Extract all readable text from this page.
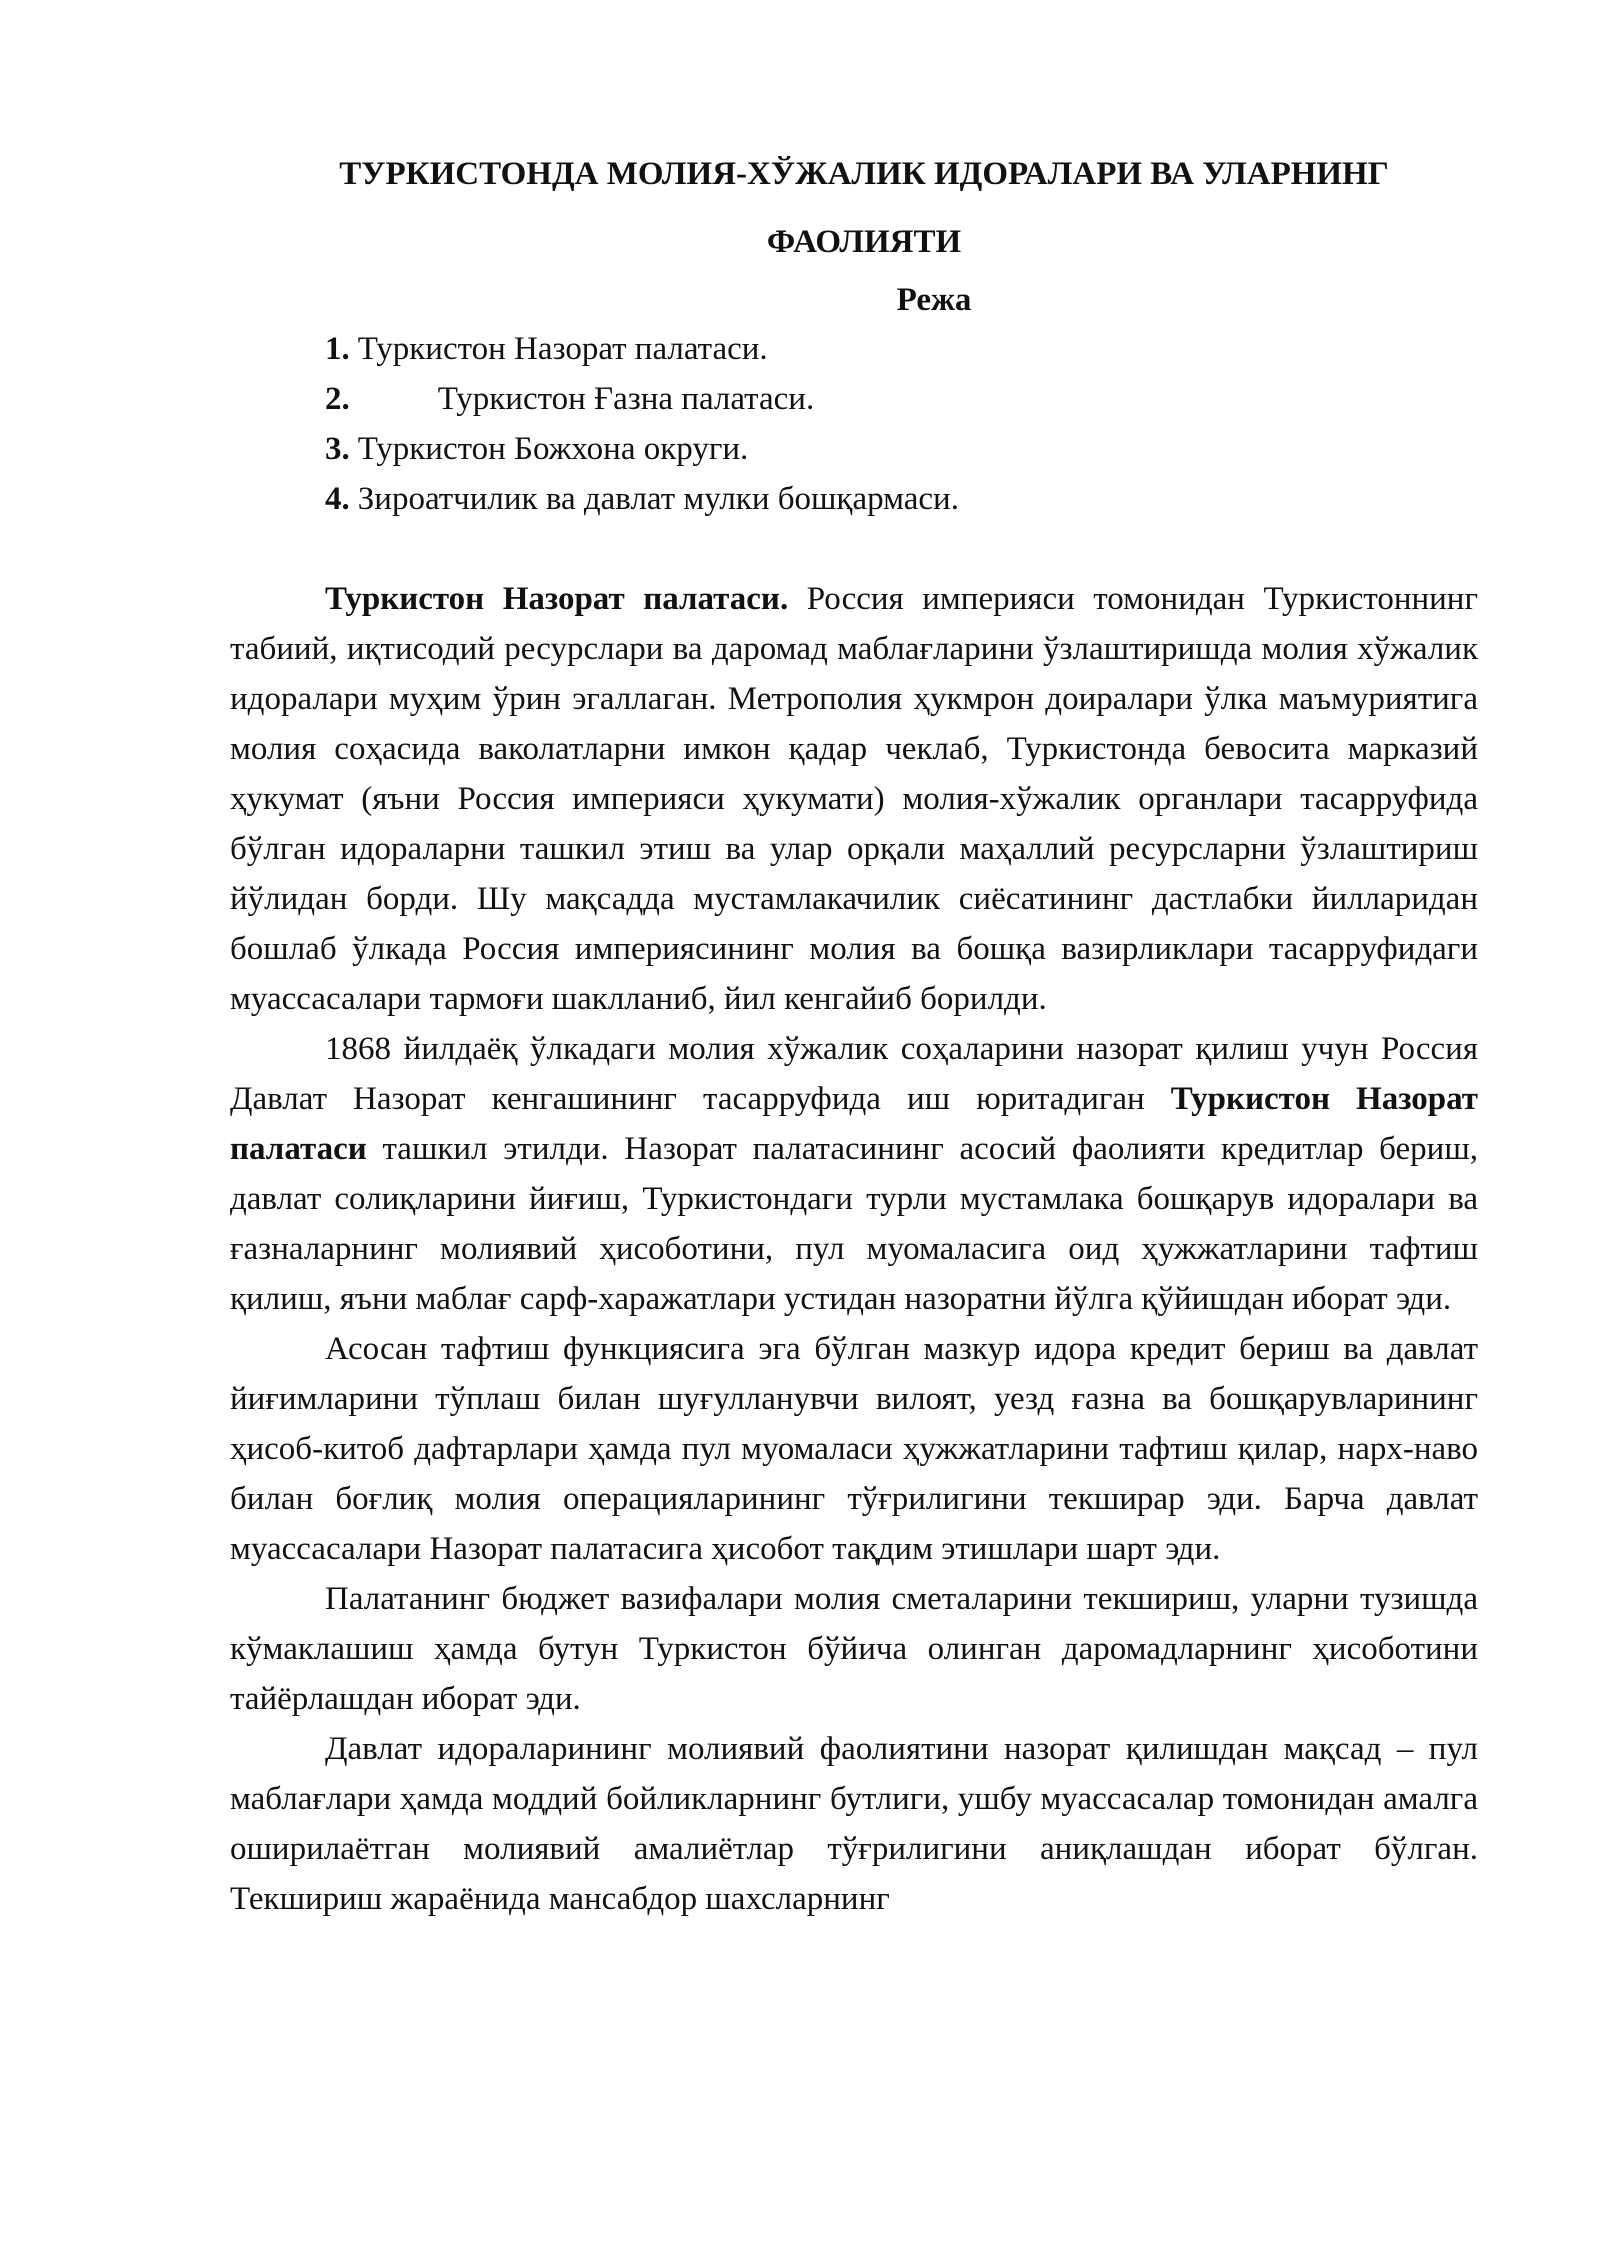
ТУРКИСТОНДА МОЛИЯ-ХЎЖАЛИК ИДОРАЛАРИ ВА УЛАРНИНГ
ФАОЛИЯТИ

Режа

1. Туркистон Назорат палатаси.
2.	Туркистон Ғазна палатаси.
3. Туркистон Божхона округи.
4. Зироатчилик ва давлат мулки бошқармаси.

Туркистон Назорат палатаси. Россия империяси томонидан Туркистоннинг табиий, иқтисодий ресурслари ва даромад маблағларини ўзлаштиришда молия хўжалик идоралари муҳим ўрин эгаллаган. Метрополия ҳукмрон доиралари ўлка маъмуриятига молия соҳасида ваколатларни имкон қадар чеклаб, Туркистонда бевосита марказий ҳукумат (яъни Россия империяси ҳукумати) молия-хўжалик органлари тасарруфида бўлган идораларни ташкил этиш ва улар орқали маҳаллий ресурсларни ўзлаштириш йўлидан борди. Шу мақсадда мустамлакачилик сиёсатининг дастлабки йилларидан бошлаб ўлкада Россия империясининг молия ва бошқа вазирликлари тасарруфидаги муассасалари тармоғи шаклланиб, йил кенгайиб борилди.

1868 йилдаёқ ўлкадаги молия хўжалик соҳаларини назорат қилиш учун Россия Давлат Назорат кенгашининг тасарруфида иш юритадиган Туркистон Назорат палатаси ташкил этилди. Назорат палатасининг асосий фаолияти кредитлар бериш, давлат солиқларини йиғиш, Туркистондаги турли мустамлака бошқарув идоралари ва ғазналарнинг молиявий ҳисоботини, пул муомаласига оид ҳужжатларини тафтиш қилиш, яъни маблағ сарф-харажатлари устидан назоратни йўлга қўйишдан иборат эди.

Асосан тафтиш функциясига эга бўлган мазкур идора кредит бериш ва давлат йиғимларини тўплаш билан шуғулланувчи вилоят, уезд ғазна ва бошқарувларининг ҳисоб-китоб дафтарлари ҳамда пул муомаласи ҳужжатларини тафтиш қилар, нарх-наво билан боғлиқ молия операцияларининг тўғрилигини текширар эди. Барча давлат муассасалари Назорат палатасига ҳисобот тақдим этишлари шарт эди.

Палатанинг бюджет вазифалари молия сметаларини текшириш, уларни тузишда кўмаклашиш ҳамда бутун Туркистон бўйича олинган даромадларнинг ҳисоботини тайёрлашдан иборат эди.

Давлат идораларининг молиявий фаолиятини назорат қилишдан мақсад – пул маблағлари ҳамда моддий бойликларнинг бутлиги, ушбу муассасалар томонидан амалга оширилаётган молиявий амалиётлар тўғрилигини аниқлашдан иборат бўлган. Текшириш жараёнида мансабдор шахсларнинг
